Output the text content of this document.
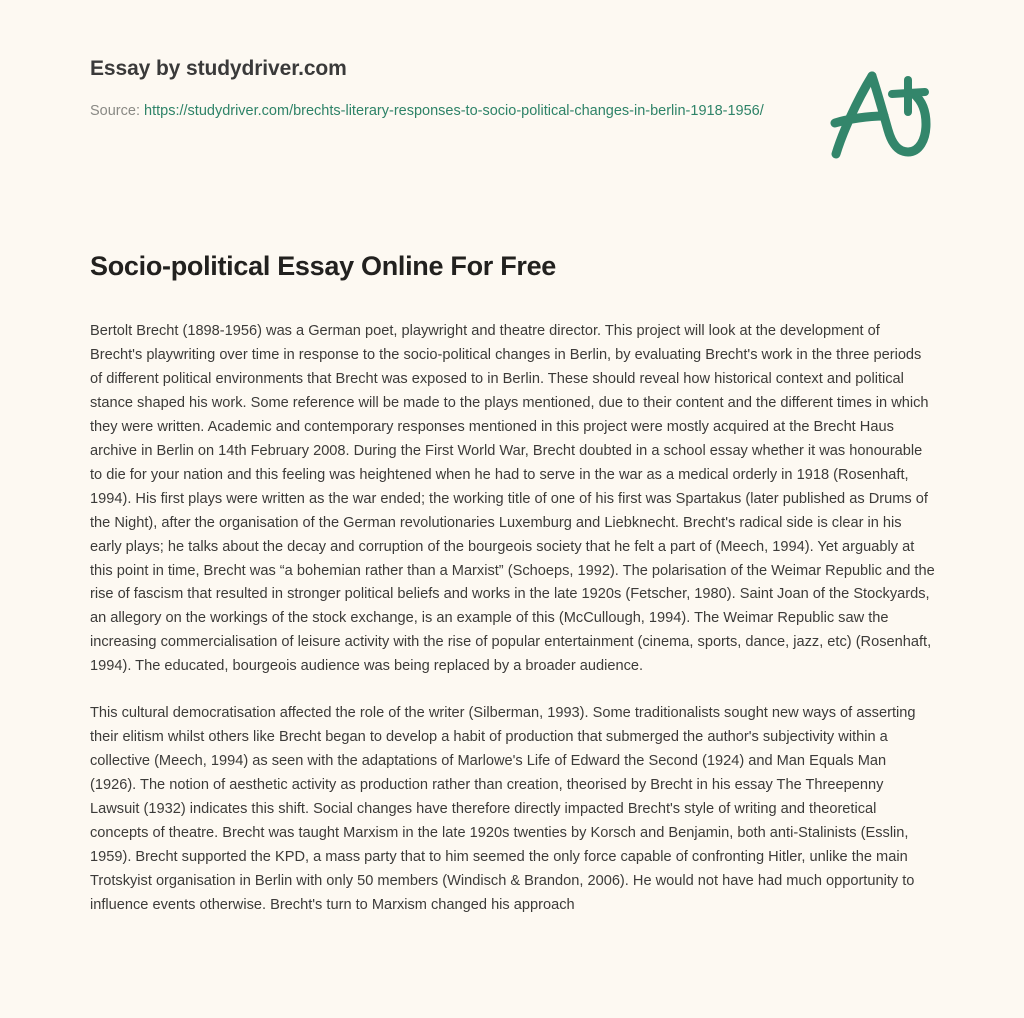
Essay by studydriver.com
Source: https://studydriver.com/brechts-literary-responses-to-socio-political-changes-in-berlin-1918-1956/
Socio-political Essay Online For Free

Bertolt Brecht (1898-1956) was a German poet, playwright and theatre director. This project will look at the development of Brecht's playwriting over time in response to the socio-political changes in Berlin, by evaluating Brecht's work in the three periods of different political environments that Brecht was exposed to in Berlin. These should reveal how historical context and political stance shaped his work. Some reference will be made to the plays mentioned, due to their content and the different times in which they were written. Academic and contemporary responses mentioned in this project were mostly acquired at the Brecht Haus archive in Berlin on 14th February 2008. During the First World War, Brecht doubted in a school essay whether it was honourable to die for your nation and this feeling was heightened when he had to serve in the war as a medical orderly in 1918 (Rosenhaft, 1994). His first plays were written as the war ended; the working title of one of his first was Spartakus (later published as Drums of the Night), after the organisation of the German revolutionaries Luxemburg and Liebknecht. Brecht's radical side is clear in his early plays; he talks about the decay and corruption of the bourgeois society that he felt a part of (Meech, 1994). Yet arguably at this point in time, Brecht was “a bohemian rather than a Marxist” (Schoeps, 1992). The polarisation of the Weimar Republic and the rise of fascism that resulted in stronger political beliefs and works in the late 1920s (Fetscher, 1980). Saint Joan of the Stockyards, an allegory on the workings of the stock exchange, is an example of this (McCullough, 1994). The Weimar Republic saw the increasing commercialisation of leisure activity with the rise of popular entertainment (cinema, sports, dance, jazz, etc) (Rosenhaft, 1994). The educated, bourgeois audience was being replaced by a broader audience.

This cultural democratisation affected the role of the writer (Silberman, 1993). Some traditionalists sought new ways of asserting their elitism whilst others like Brecht began to develop a habit of production that submerged the author's subjectivity within a collective (Meech, 1994) as seen with the adaptations of Marlowe's Life of Edward the Second (1924) and Man Equals Man (1926). The notion of aesthetic activity as production rather than creation, theorised by Brecht in his essay The Threepenny Lawsuit (1932) indicates this shift. Social changes have therefore directly impacted Brecht's style of writing and theoretical concepts of theatre. Brecht was taught Marxism in the late 1920s twenties by Korsch and Benjamin, both anti-Stalinists (Esslin, 1959). Brecht supported the KPD, a mass party that to him seemed the only force capable of confronting Hitler, unlike the main Trotskyist organisation in Berlin with only 50 members (Windisch & Brandon, 2006). He would not have had much opportunity to influence events otherwise. Brecht's turn to Marxism changed his approach
